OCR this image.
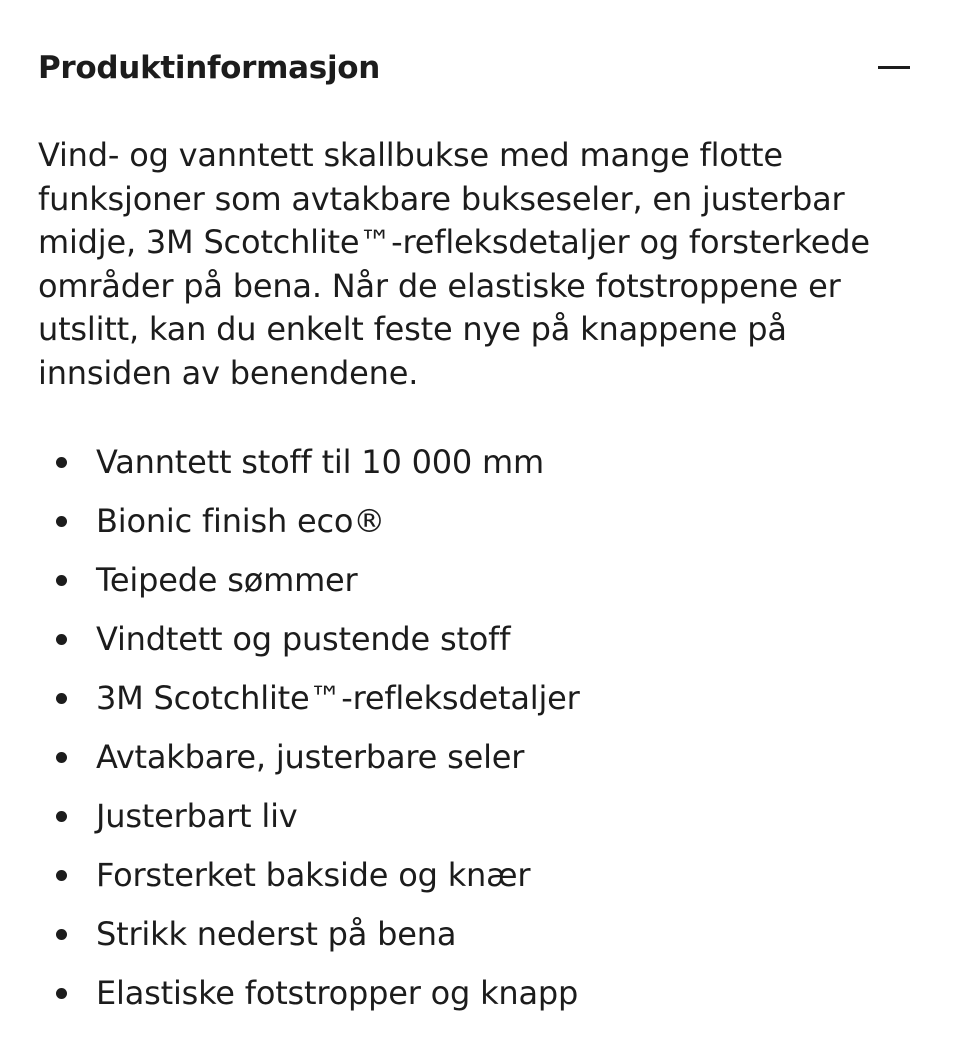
Produktinformasjon

Vind- og vanntett skallbukse med mange flotte funksjoner som avtakbare bukseseler, en justerbar midje, 3M Scotchlite™-refleksdetaljer og forsterkede områder på bena. Når de elastiske fotstroppene er utslitt, kan du enkelt feste nye på knappene på innsiden av benendene.

Vanntett stoff til 10 000 mm
Bionic finish eco®
Teipede sømmer
Vindtett og pustende stoff
3M Scotchlite™-refleksdetaljer
Avtakbare, justerbare seler
Justerbart liv
Forsterket bakside og knær
Strikk nederst på bena
Elastiske fotstropper og knapp
